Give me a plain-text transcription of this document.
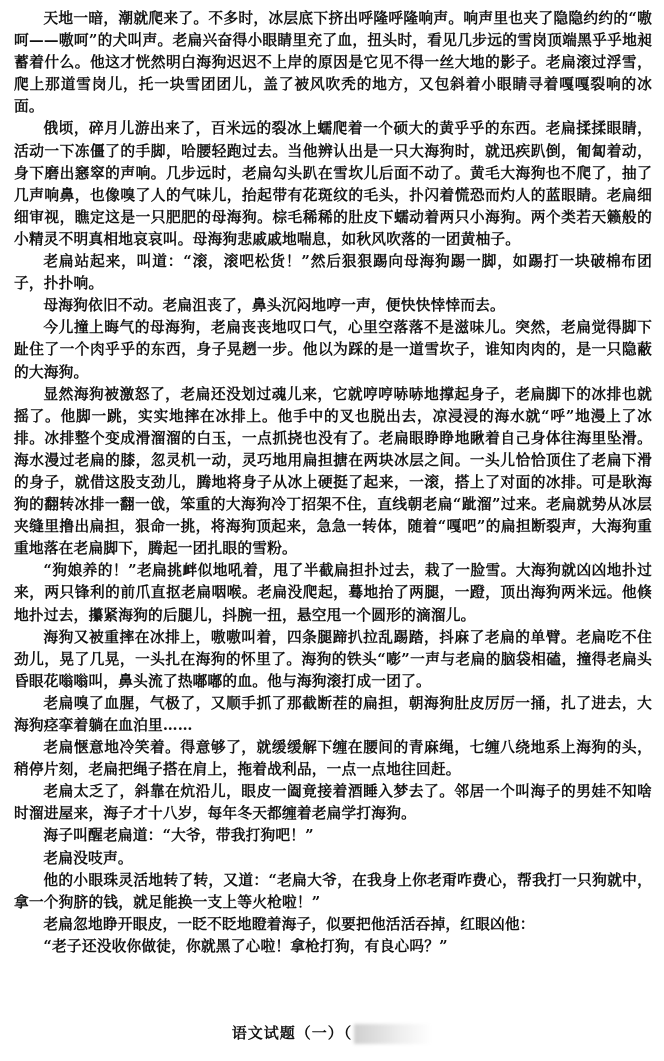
天地一暗，潮就爬来了。不多时，冰层底下挤出呼隆呼隆响声。响声里也夹了隐隐约约的“嗷呵——嗷呵”的犬叫声。老扁兴奋得小眼睛里充了血，扭头时，看见几步远的雪岗顶端黑乎乎地昶蓄着什么。他这才恍然明白海狗迟迟不上岸的原因是它见不得一丝大地的影子。老扁滚过浮雪，爬上那道雪岗儿，托一块雪团团儿，盖了被风吹秃的地方，又包斜着小眼睛寻着嘎嘎裂响的冰面。

俄顷，碎月儿游出来了，百米远的裂冰上蠕爬着一个硕大的黄乎乎的东西。老扁揉揉眼睛，活动一下冻僵了的手脚，哈腰轻跑过去。当他辨认出是一只大海狗时，就迅疾趴倒，匍匐着动，身下磨出窸窣的声响。几步远时，老扁勾头趴在雪坎儿后面不动了。黄毛大海狗也不爬了，抽了几声响鼻，也像嗅了人的气味儿，抬起带有花斑纹的毛头，扑闪着慌恐而灼人的蓝眼睛。老扁细细审视，瞧定这是一只肥肥的母海狗。棕毛稀稀的肚皮下蠕动着两只小海狗。两个类若天籁般的小精灵不明真相地哀哀叫。母海狗悲戚戚地喘息，如秋风吹落的一团黄柚子。

老扁站起来，叫道：“滚，滚吧松货！”然后狠狠踢向母海狗踢一脚，如踢打一块破棉布团子，扑扑响。

母海狗依旧不动。老扁沮丧了，鼻头沉闷地哼一声，便快快悻悻而去。

今儿撞上晦气的母海狗，老扁丧丧地叹口气，心里空落落不是滋味儿。突然，老扁觉得脚下趾住了一个肉乎乎的东西，身子晃趔一步。他以为踩的是一道雪坎子，谁知肉肉的，是一只隐蔽的大海狗。

显然海狗被激怒了，老扁还没划过魂儿来，它就哼哼哧哧地撑起身子，老扁脚下的冰排也就摇了。他脚一跳，实实地摔在冰排上。他手中的叉也脱出去，凉浸浸的海水就“呼”地漫上了冰排。冰排整个变成滑溜溜的白玉，一点抓挠也没有了。老扁眼睁睁地瞅着自己身体往海里坠滑。海水漫过老扁的膝，忽灵机一动，灵巧地用扁担搪在两块冰层之间。一头儿恰恰顶住了老扁下滑的身子，就借这股支劲儿，腾地将身子从冰上硬挺了起来，一滚，搭上了对面的冰排。可是耿海狗的翻转冰排一翻一戗，笨重的大海狗冷丁招架不住，直线朝老扁“跐溜”过来。老扁就势从冰层夹缝里撸出扁担，狠命一挑，将海狗顶起来，急急一转体，随着“嘎吧”的扁担断裂声，大海狗重重地落在老扁脚下，腾起一团扎眼的雪粉。

“狗娘养的！”老扁挑衅似地吼着，甩了半截扁担扑过去，栽了一脸雪。大海狗就凶凶地扑过来，两只锋利的前爪直抠老扁咽喉。老扁没爬起，蓦地抬了两腿，一蹬，顶出海狗两米远。他倏地扑过去，攥紧海狗的后腿儿，抖腕一扭，悬空甩一个圆形的滴溜儿。

海狗又被重摔在冰排上，嗷嗷叫着，四条腿蹄扒拉乱踢踏，抖麻了老扁的单臂。老扁吃不住劲儿，晃了几晃，一头扎在海狗的怀里了。海狗的铁头“嘭”一声与老扁的脑袋相磕，撞得老扁头昏眼花嗡嗡叫，鼻头流了热嘟嘟的血。他与海狗滚打成一团了。

老扁嗅了血腥，气极了，又顺手抓了那截断茬的扁担，朝海狗肚皮厉厉一捅，扎了进去，大海狗痉挛着躺在血泊里……

老扁惬意地冷笑着。得意够了，就缓缓解下缠在腰间的青麻绳，七缠八绕地系上海狗的头，稍停片刻，老扁把绳子搭在肩上，拖着战利品，一点一点地往回赶。

老扁太乏了，斜靠在炕沿儿，眼皮一阖竟接着酒睡入梦去了。邻居一个叫海子的男娃不知啥时溜进屋来，海子才十八岁，每年冬天都缠着老扁学打海狗。

海子叫醒老扁道：“大爷，带我打狗吧！”

老扁没吱声。

他的小眼珠灵活地转了转，又道：“老扁大爷，在我身上你老甭咋费心，帮我打一只狗就中，拿一个狗脐的钱，就足能换一支上等火枪啦！”

老扁忽地睁开眼皮，一眨不眨地瞪着海子，似要把他活活吞掉，红眼凶他：

“老子还没收你做徒，你就黑了心啦！拿枪打狗，有良心吗？”

语文试题（一）（
